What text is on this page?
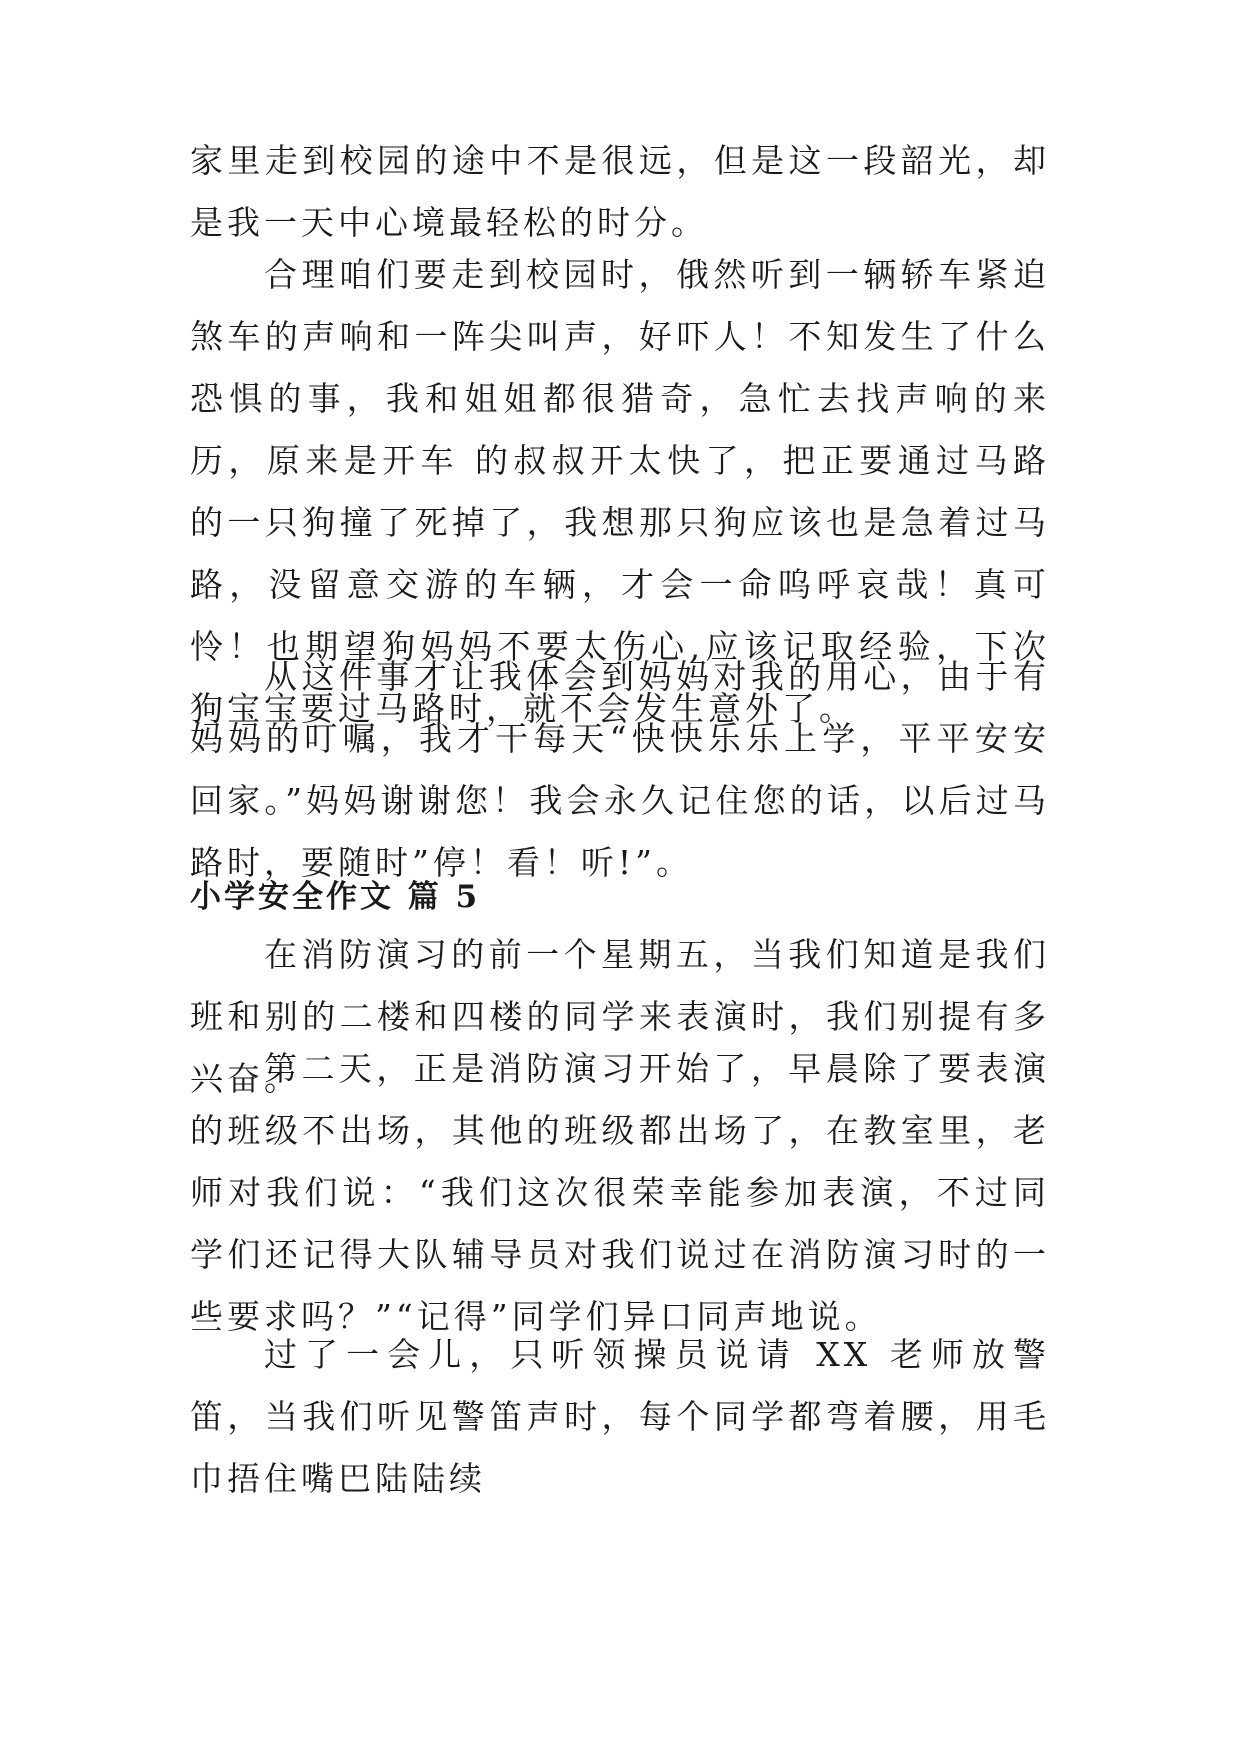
家里走到校园的途中不是很远，但是这一段韶光，却是我一天中心境最轻松的时分。

合理咱们要走到校园时，俄然听到一辆轿车紧迫煞车的声响和一阵尖叫声，好吓人！不知发生了什么恐惧的事，我和姐姐都很猎奇，急忙去找声响的来历，原来是开车 的叔叔开太快了，把正要通过马路的一只狗撞了死掉了，我想那只狗应该也是急着过马路，没留意交游的车辆，才会一命呜呼哀哉！真可怜！也期望狗妈妈不要太伤心,应该记取经验，下次狗宝宝要过马路时，就不会发生意外了。

从这件事才让我体会到妈妈对我的用心，由于有妈妈的叮嘱，我才干每天“快快乐乐上学，平平安安回家。”妈妈谢谢您！我会永久记住您的话，以后过马路时，要随时”停！看！听!”。

小学安全作文 篇 5

在消防演习的前一个星期五，当我们知道是我们班和别的二楼和四楼的同学来表演时，我们别提有多兴奋。

第二天，正是消防演习开始了，早晨除了要表演的班级不出场，其他的班级都出场了，在教室里，老师对我们说：“我们这次很荣幸能参加表演，不过同学们还记得大队辅导员对我们说过在消防演习时的一些要求吗？”“记得”同学们异口同声地说。

过了一会儿，只听领操员说请 XX 老师放警笛，当我们听见警笛声时，每个同学都弯着腰，用毛巾捂住嘴巴陆陆续
